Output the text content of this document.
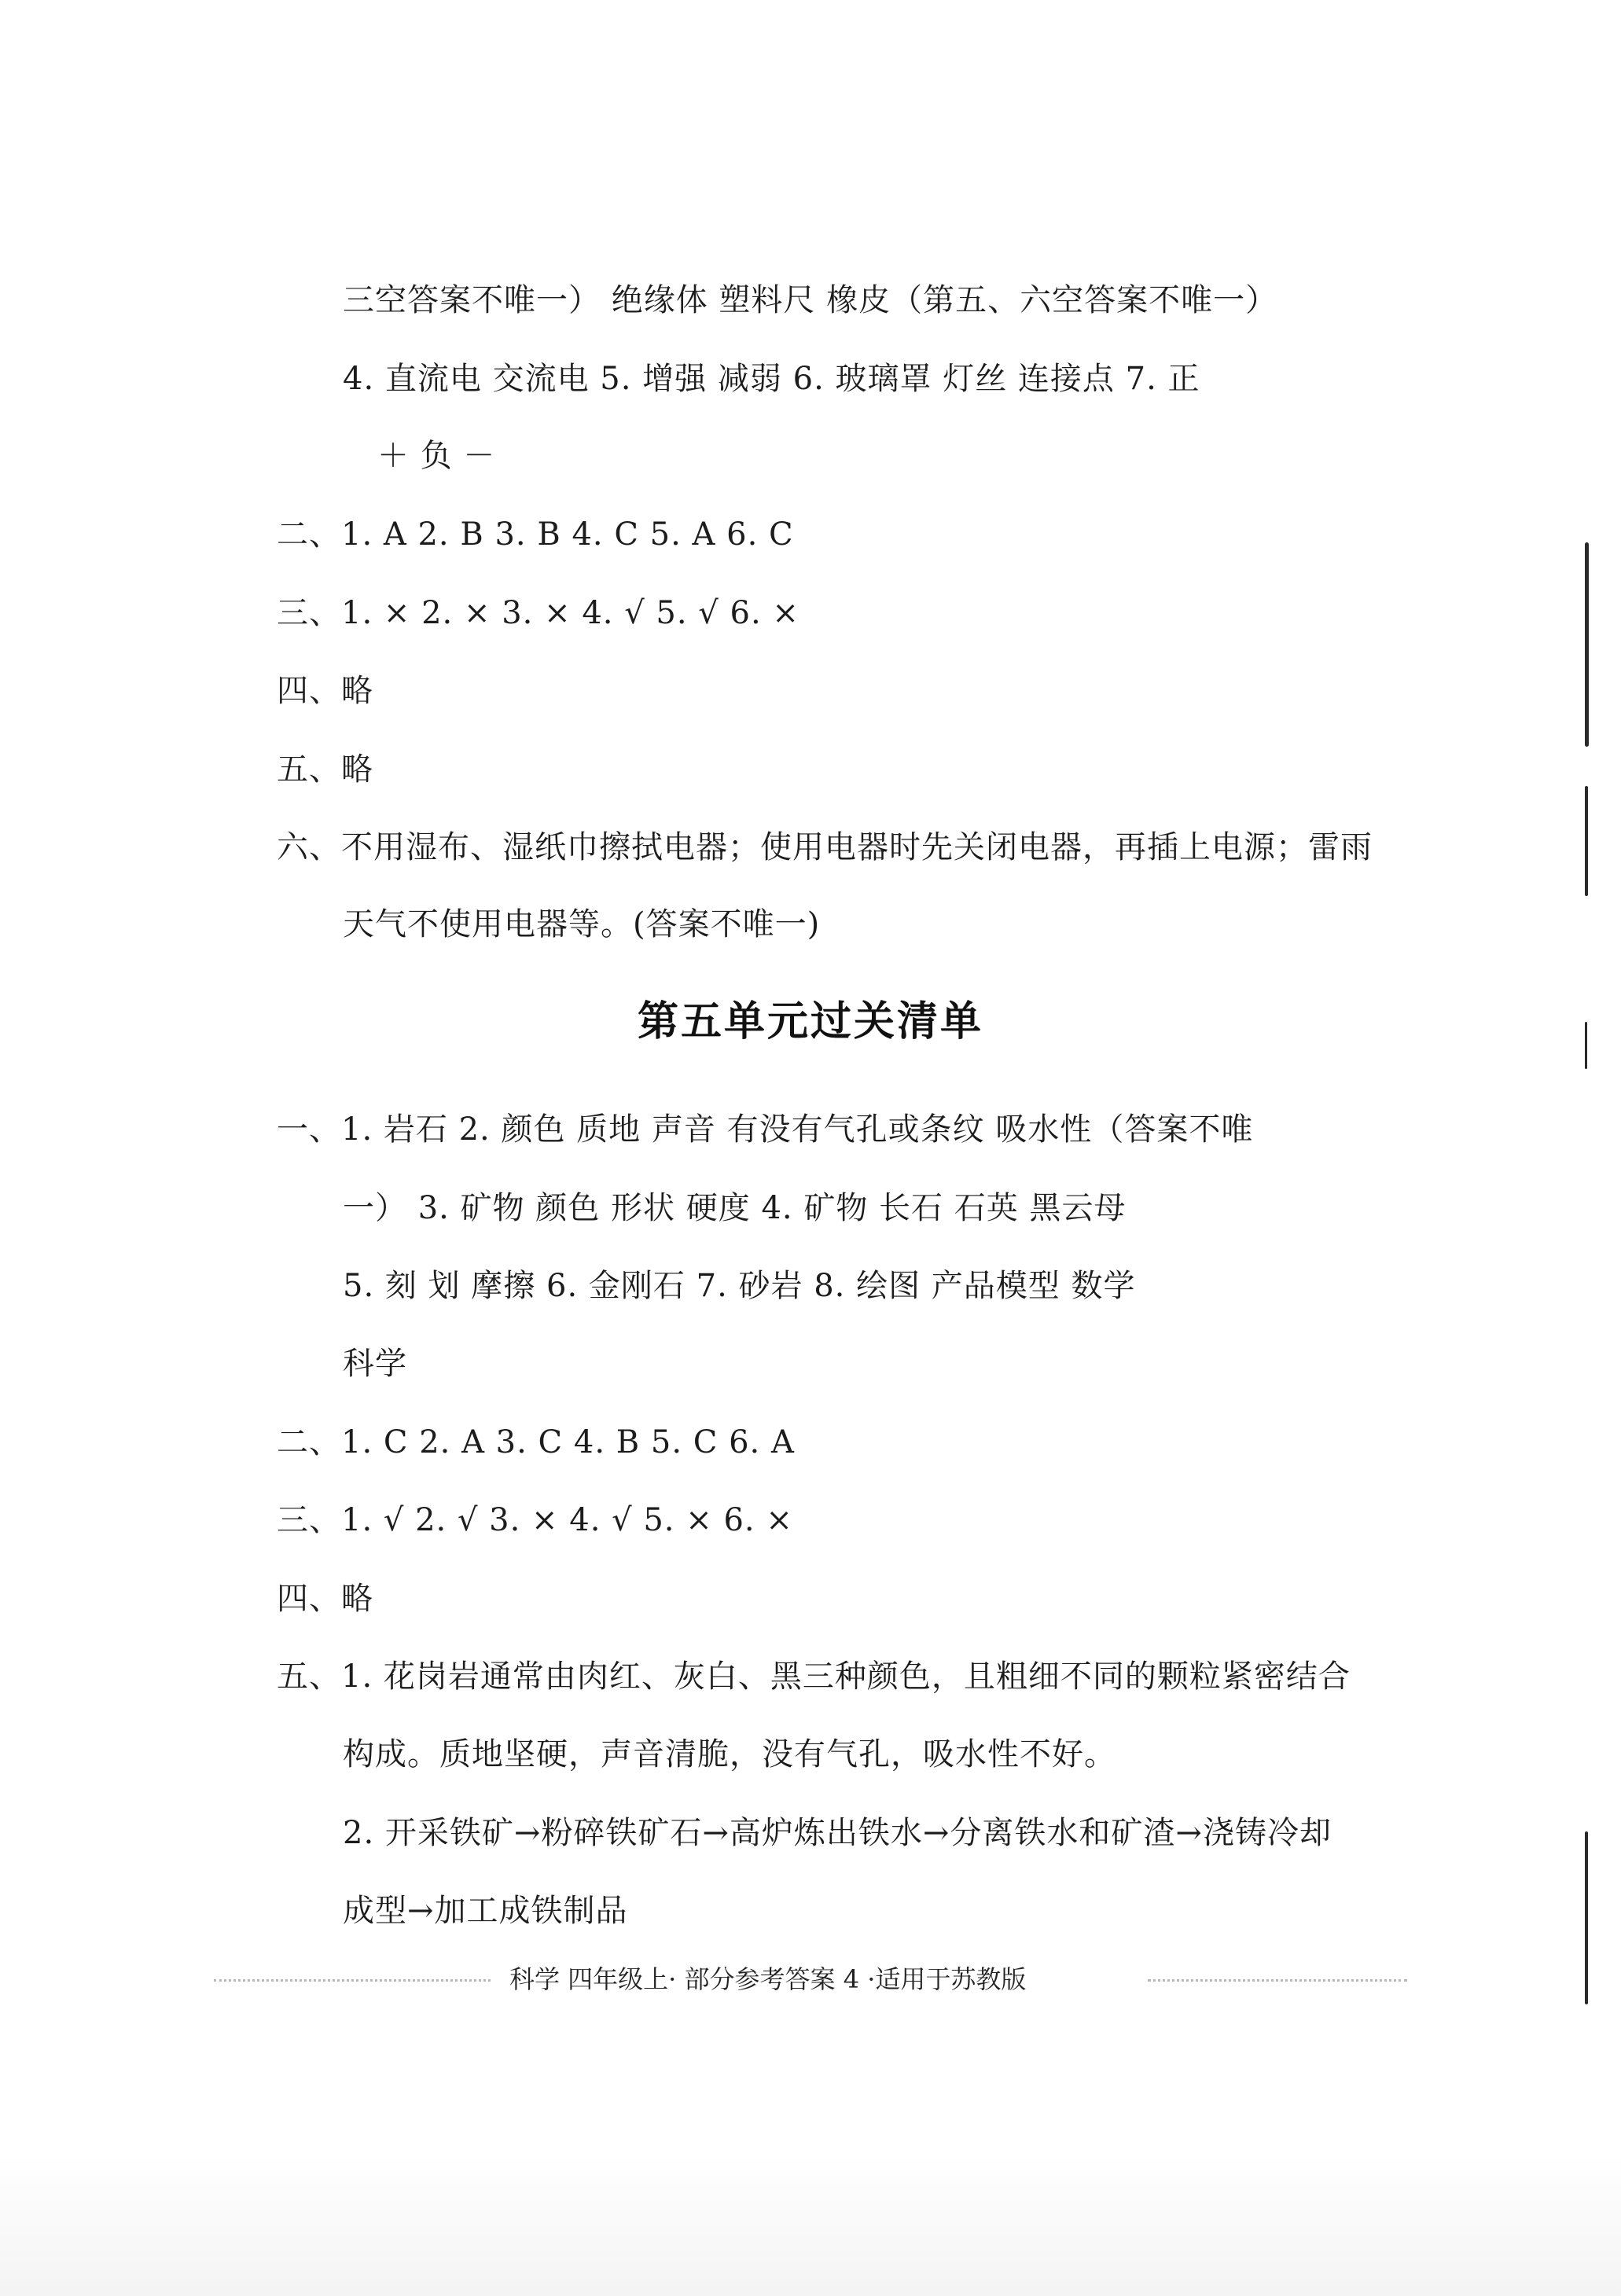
三空答案不唯一） 绝缘体 塑料尺 橡皮（第五、六空答案不唯一）
4. 直流电 交流电 5. 增强 减弱 6. 玻璃罩 灯丝 连接点 7. 正
＋ 负 －
二、1. A 2. B 3. B 4. C 5. A 6. C
三、1. × 2. × 3. × 4. √ 5. √ 6. ×
四、略
五、略
六、不用湿布、湿纸巾擦拭电器；使用电器时先关闭电器，再插上电源；雷雨
天气不使用电器等。(答案不唯一)
第五单元过关清单
一、1. 岩石 2. 颜色 质地 声音 有没有气孔或条纹 吸水性（答案不唯
一） 3. 矿物 颜色 形状 硬度 4. 矿物 长石 石英 黑云母
5. 刻 划 摩擦 6. 金刚石 7. 砂岩 8. 绘图 产品模型 数学
科学
二、1. C 2. A 3. C 4. B 5. C 6. A
三、1. √ 2. √ 3. × 4. √ 5. × 6. ×
四、略
五、1. 花岗岩通常由肉红、灰白、黑三种颜色，且粗细不同的颗粒紧密结合
构成。质地坚硬，声音清脆，没有气孔，吸水性不好。
2. 开采铁矿→粉碎铁矿石→高炉炼出铁水→分离铁水和矿渣→浇铸冷却
成型→加工成铁制品
科学 四年级上· 部分参考答案 4 ·适用于苏教版
